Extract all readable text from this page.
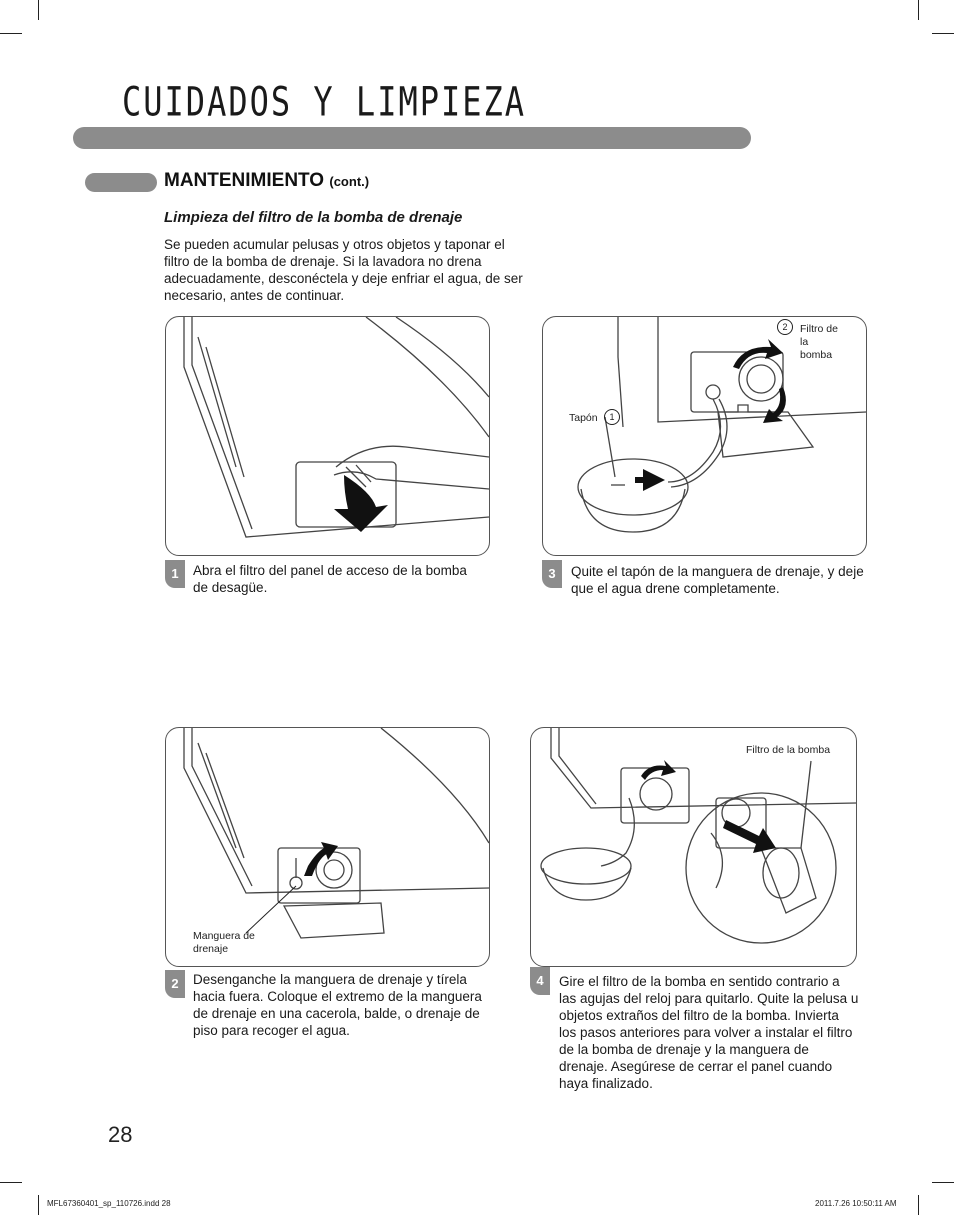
CUIDADOS Y LIMPIEZA
MANTENIMIENTO (cont.)
Limpieza del filtro de la bomba de drenaje
Se pueden acumular pelusas y otros objetos y taponar el filtro de la bomba de drenaje. Si la lavadora no drena adecuadamente, desconéctela y deje enfriar el agua, de ser necesario, antes de continuar.
1	Abra el filtro del panel de acceso de la bomba de desagüe.
Tapón	1
2	Filtro de la bomba
3	Quite el tapón de la manguera de drenaje, y deje que el agua drene completamente.
Manguera de drenaje
2	Desenganche la manguera de drenaje y tírela hacia fuera. Coloque el extremo de la manguera de drenaje en una cacerola, balde, o drenaje de piso para recoger el agua.
Filtro de la bomba
4	Gire el filtro de la bomba en sentido contrario a las agujas del reloj para quitarlo. Quite la pelusa u objetos extraños del filtro de la bomba. Invierta los pasos anteriores para volver a instalar el filtro de la bomba de drenaje y la manguera de drenaje. Asegúrese de cerrar el panel cuando haya finalizado.
28
MFL67360401_sp_110726.indd 28	2011.7.26 10:50:11 AM
